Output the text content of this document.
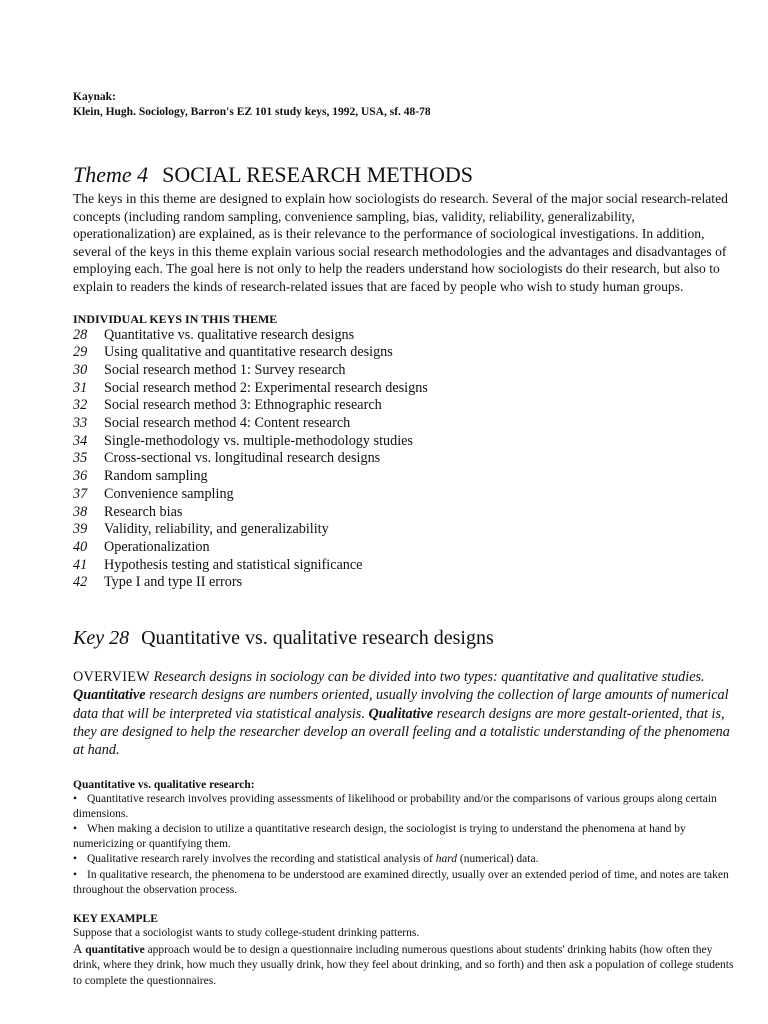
Kaynak:
Klein, Hugh. Sociology, Barron's EZ 101 study keys, 1992, USA, sf. 48-78
Theme 4 SOCIAL RESEARCH METHODS

The keys in this theme are designed to explain how sociologists do research. Several of the major social research-related concepts (including random sampling, convenience sampling, bias, validity, reliability, generalizability, operationalization) are explained, as is their relevance to the performance of sociological investigations. In addition, several of the keys in this theme explain various social research methodologies and the advantages and disadvantages of employing each. The goal here is not only to help the readers understand how sociologists do their research, but also to explain to readers the kinds of research-related issues that are faced by people who wish to study human groups.

INDIVIDUAL KEYS IN THIS THEME
28 Quantitative vs. qualitative research designs
29 Using qualitative and quantitative research designs
30 Social research method 1: Survey research
31 Social research method 2: Experimental research designs
32 Social research method 3: Ethnographic research
33 Social research method 4: Content research
34 Single-methodology vs. multiple-methodology studies
35 Cross-sectional vs. longitudinal research designs
36 Random sampling
37 Convenience sampling
38 Research bias
39 Validity, reliability, and generalizability
40 Operationalization
41 Hypothesis testing and statistical significance
42 Type I and type II errors
Key 28 Quantitative vs. qualitative research designs

OVERVIEW Research designs in sociology can be divided into two types: quantitative and qualitative studies. Quantitative research designs are numbers oriented, usually involving the collection of large amounts of numerical data that will be interpreted via statistical analysis. Qualitative research designs are more gestalt-oriented, that is, they are designed to help the researcher develop an overall feeling and a totalistic understanding of the phenomena at hand.

Quantitative vs. qualitative research:
• Quantitative research involves providing assessments of likelihood or probability and/or the comparisons of various groups along certain dimensions.
• When making a decision to utilize a quantitative research design, the sociologist is trying to understand the phenomena at hand by numericizing or quantifying them.
• Qualitative research rarely involves the recording and statistical analysis of hard (numerical) data.
• In qualitative research, the phenomena to be understood are examined directly, usually over an extended period of time, and notes are taken throughout the observation process.
KEY EXAMPLE

Suppose that a sociologist wants to study college-student drinking patterns.

A quantitative approach would be to design a questionnaire including numerous questions about students' drinking habits (how often they drink, where they drink, how much they usually drink, how they feel about drinking, and so forth) and then ask a population of college students to complete the questionnaires.
